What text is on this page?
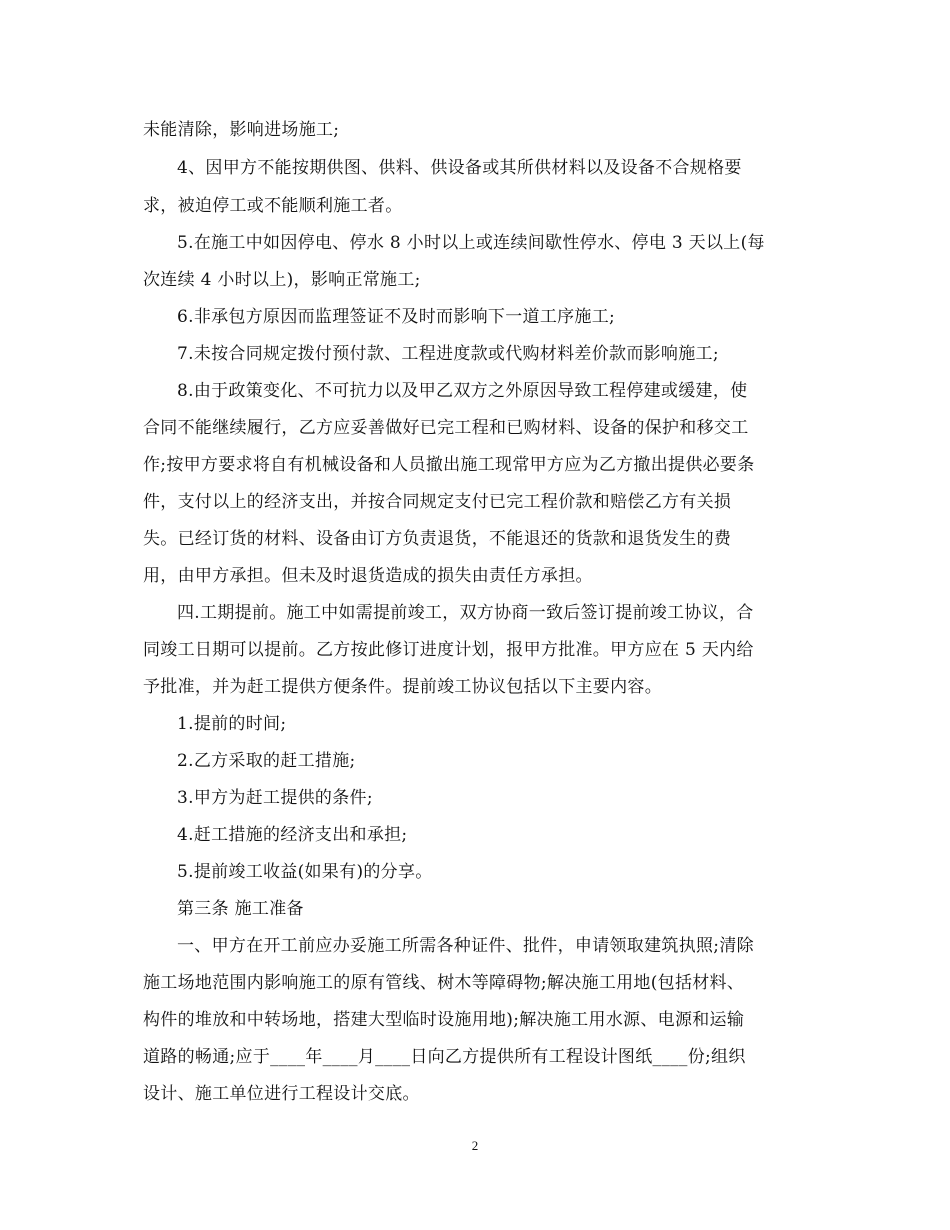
未能清除，影响进场施工;
4、因甲方不能按期供图、供料、供设备或其所供材料以及设备不合规格要
求，被迫停工或不能顺利施工者。
5.在施工中如因停电、停水 8 小时以上或连续间歇性停水、停电 3 天以上(每
次连续 4 小时以上)，影响正常施工;
6.非承包方原因而监理签证不及时而影响下一道工序施工;
7.未按合同规定拨付预付款、工程进度款或代购材料差价款而影响施工;
8.由于政策变化、不可抗力以及甲乙双方之外原因导致工程停建或缓建，使
合同不能继续履行，乙方应妥善做好已完工程和已购材料、设备的保护和移交工
作;按甲方要求将自有机械设备和人员撤出施工现常甲方应为乙方撤出提供必要条
件，支付以上的经济支出，并按合同规定支付已完工程价款和赔偿乙方有关损
失。已经订货的材料、设备由订方负责退货，不能退还的货款和退货发生的费
用，由甲方承担。但未及时退货造成的损失由责任方承担。
四.工期提前。施工中如需提前竣工，双方协商一致后签订提前竣工协议，合
同竣工日期可以提前。乙方按此修订进度计划，报甲方批准。甲方应在 5 天内给
予批准，并为赶工提供方便条件。提前竣工协议包括以下主要内容。
1.提前的时间;
2.乙方采取的赶工措施;
3.甲方为赶工提供的条件;
4.赶工措施的经济支出和承担;
5.提前竣工收益(如果有)的分享。
第三条 施工准备
一、甲方在开工前应办妥施工所需各种证件、批件，申请领取建筑执照;清除
施工场地范围内影响施工的原有管线、树木等障碍物;解决施工用地(包括材料、
构件的堆放和中转场地，搭建大型临时设施用地);解决施工用水源、电源和运输
道路的畅通;应于____年____月____日向乙方提供所有工程设计图纸____份;组织
设计、施工单位进行工程设计交底。
2
